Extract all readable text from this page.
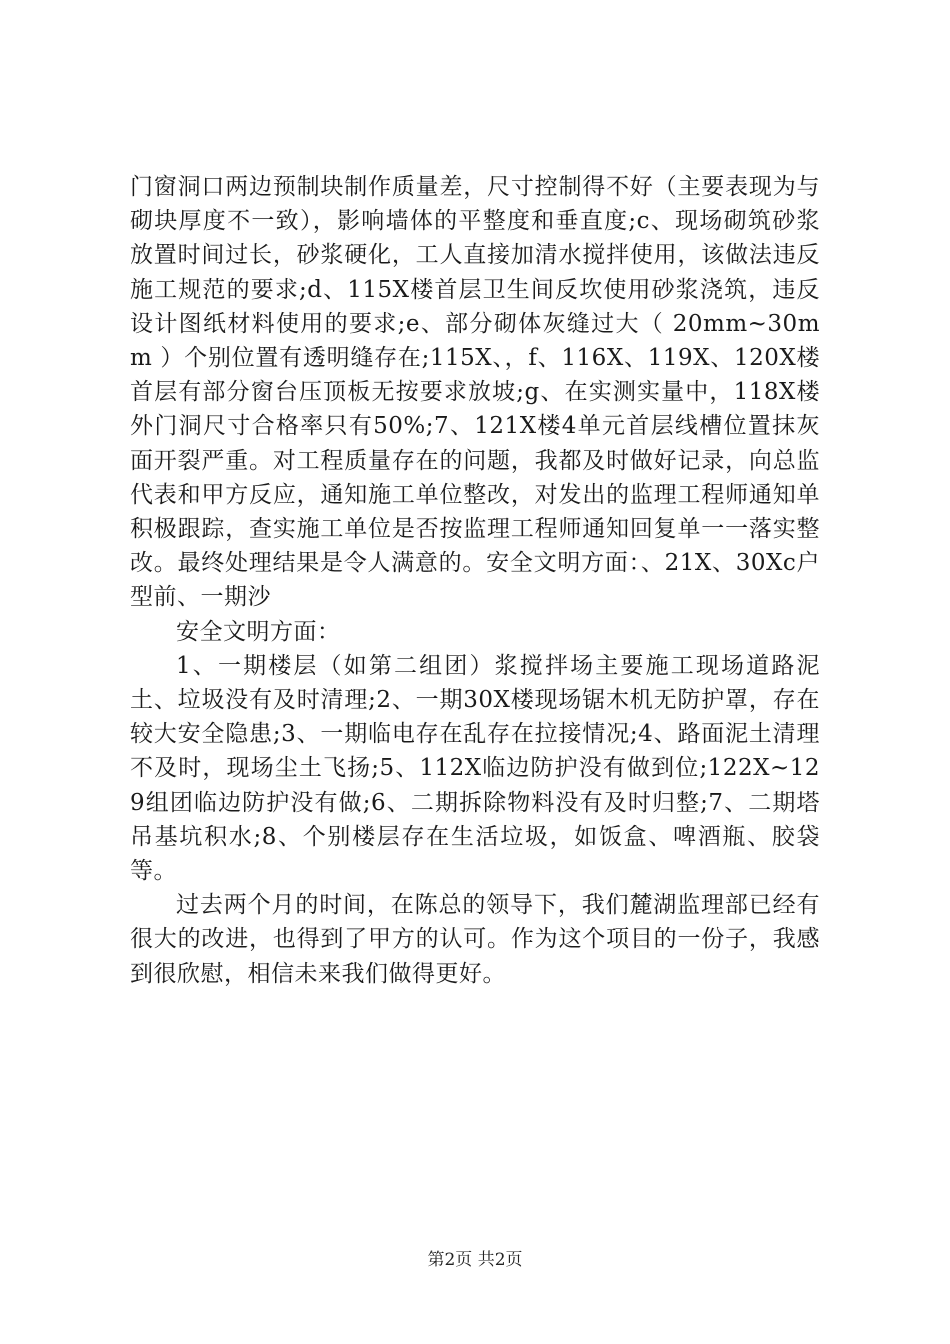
门窗洞口两边预制块制作质量差，尺寸控制得不好（主要表现为与砌块厚度不一致），影响墙体的平整度和垂直度;c、现场砌筑砂浆放置时间过长，砂浆硬化，工人直接加清水搅拌使用，该做法违反施工规范的要求;d、115X楼首层卫生间反坎使用砂浆浇筑，违反设计图纸材料使用的要求;e、部分砌体灰缝过大（ 20mm~30mm ）个别位置有透明缝存在;115X、，f、116X、119X、120X楼首层有部分窗台压顶板无按要求放坡;g、在实测实量中，118X楼外门洞尺寸合格率只有50%;7、121X楼4单元首层线槽位置抹灰面开裂严重。对工程质量存在的问题，我都及时做好记录，向总监代表和甲方反应，通知施工单位整改，对发出的监理工程师通知单积极跟踪，查实施工单位是否按监理工程师通知回复单一一落实整改。最终处理结果是令人满意的。安全文明方面：、21X、30Xc户型前、一期沙

安全文明方面：

1、一期楼层（如第二组团）浆搅拌场主要施工现场道路泥土、垃圾没有及时清理;2、一期30X楼现场锯木机无防护罩，存在较大安全隐患;3、一期临电存在乱存在拉接情况;4、路面泥土清理不及时，现场尘土飞扬;5、112X临边防护没有做到位;122X~129组团临边防护没有做;6、二期拆除物料没有及时归整;7、二期塔吊基坑积水;8、个别楼层存在生活垃圾，如饭盒、啤酒瓶、胶袋等。

过去两个月的时间，在陈总的领导下，我们麓湖监理部已经有很大的改进，也得到了甲方的认可。作为这个项目的一份子，我感到很欣慰，相信未来我们做得更好。

第2页 共2页
